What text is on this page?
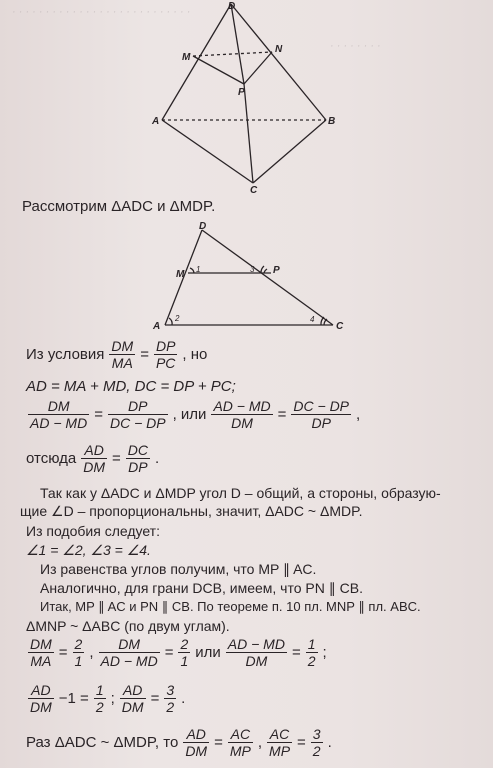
· · · · · · · · · · · · · · · · · · · · · · · · · · ·
· · · · · · · ·
D
M
N
P
A	B
C
Рассмотрим ΔADC и ΔMDP.
D
M	P
A	C
1
2
3
4
Из условия $\frac{DM}{MA} = \frac{DP}{PC}$ , но
AD = MA + MD, DC = DP + PC;
$\frac{DM}{AD - MD} = \frac{DP}{DC - DP}$ , или $\frac{AD - MD}{DM} = \frac{DC - DP}{DP}$ ,
отсюда $\frac{AD}{DM} = \frac{DC}{DP}$ .
Так как у ΔADC и ΔMDP угол D – общий, а стороны, образую-
щие ∠D – пропорциональны, значит, ΔADC ~ ΔMDP.
Из подобия следует:
∠1 = ∠2, ∠3 = ∠4.
Из равенства углов получим, что MP ∥ AC.
Аналогично, для грани DCB, имеем, что PN ∥ CB.
Итак, MP ∥ AC и PN ∥ CB. По теореме п. 10 пл. MNP ∥ пл. ABC.
ΔMNP ~ ΔABC (по двум углам).
$\frac{DM}{MA} = \frac{2}{1}$ , $\frac{DM}{AD - MD} = \frac{2}{1}$ или $\frac{AD - MD}{DM} = \frac{1}{2}$ ;
$\frac{AD}{DM} -1 = \frac{1}{2}$ ; $\frac{AD}{DM} = \frac{3}{2}$ .
Раз ΔADC ~ ΔMDP, то $\frac{AD}{DM} = \frac{AC}{MP}$ , $\frac{AC}{MP} = \frac{3}{2}$ .
